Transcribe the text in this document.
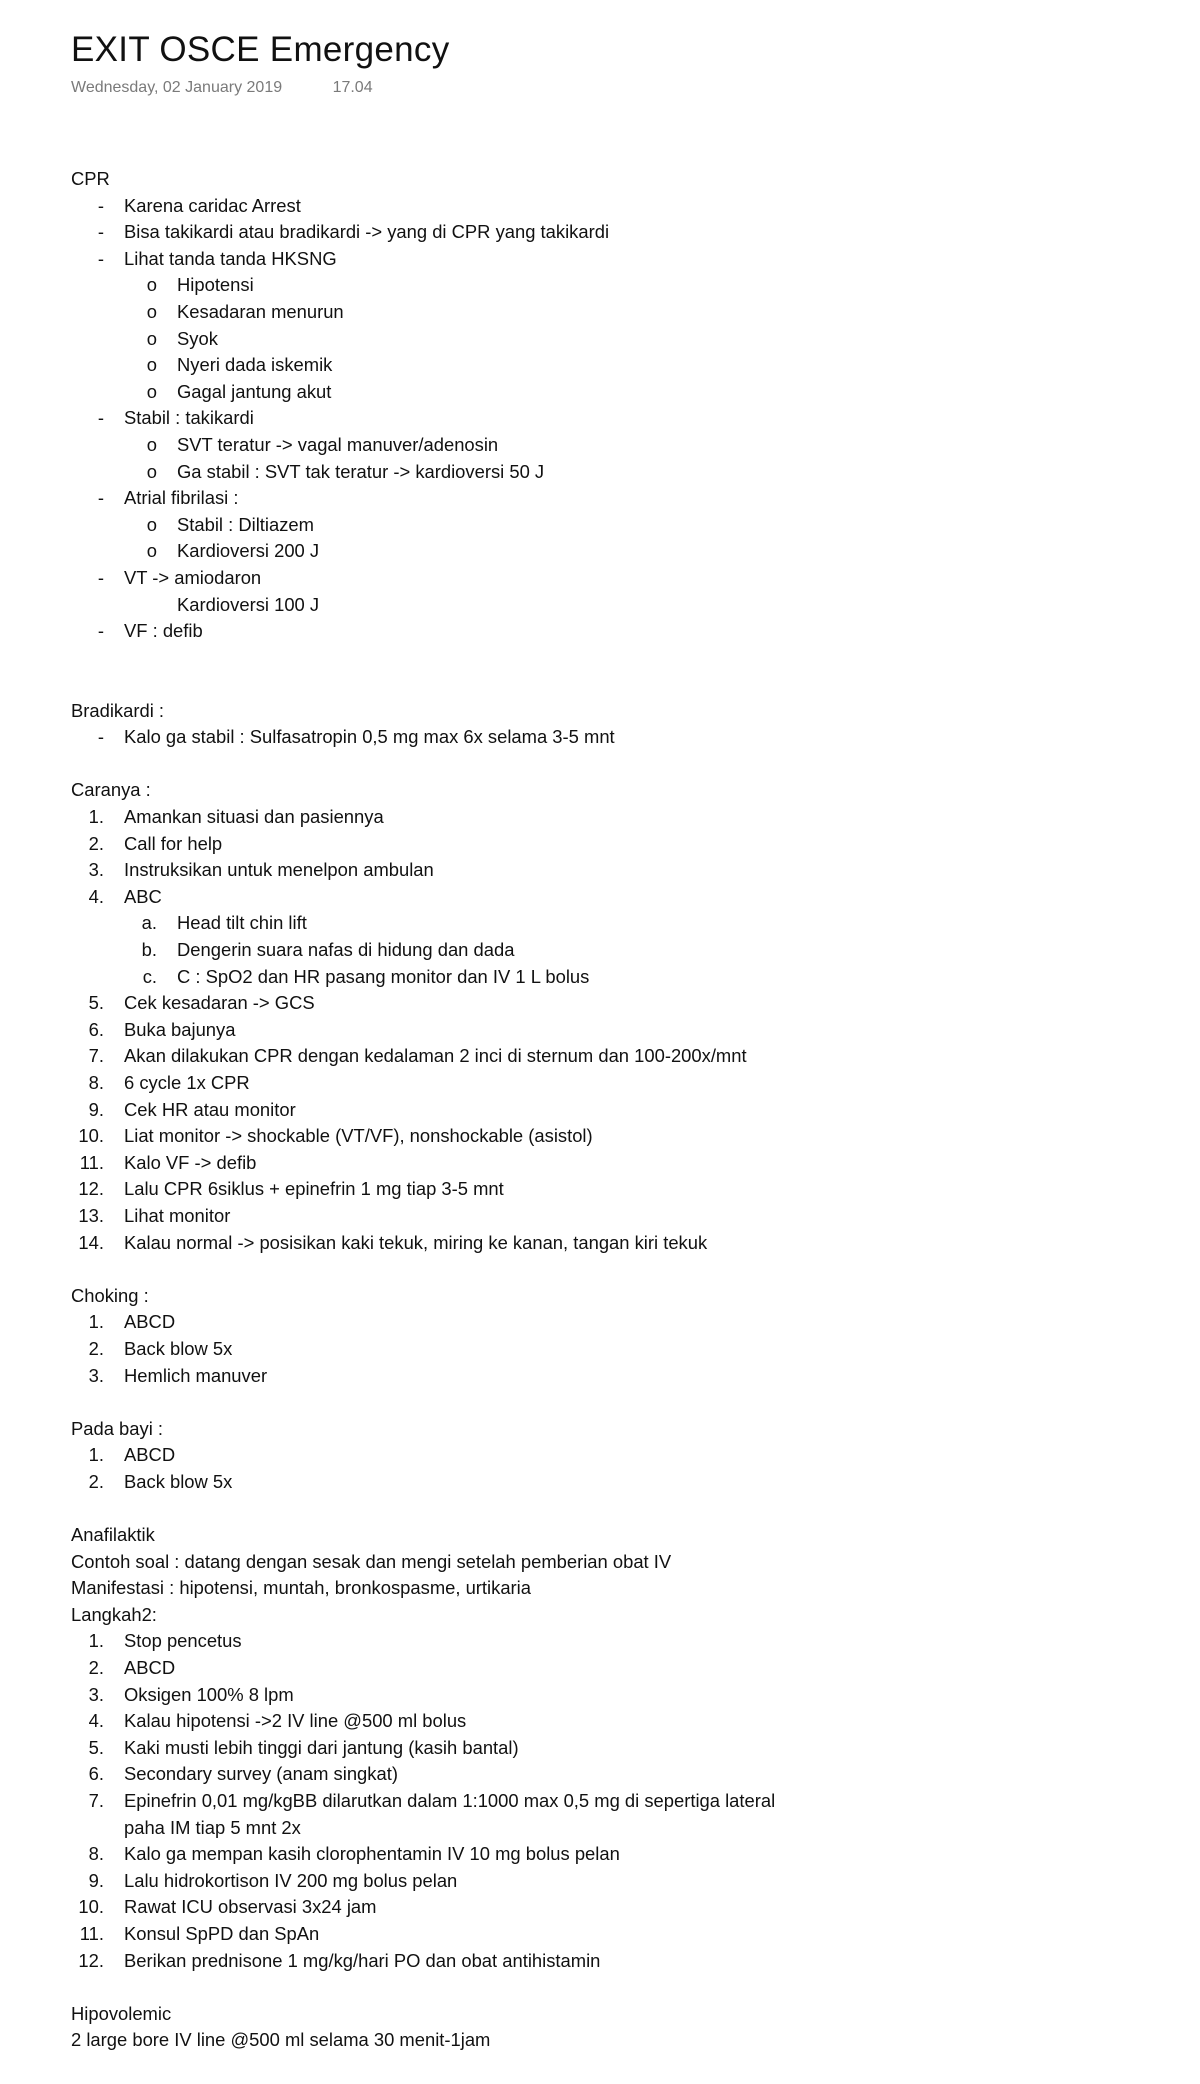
EXIT OSCE Emergency
Wednesday, 02 January 2019	17.04
CPR
-	Karena caridac Arrest
-	Bisa takikardi atau bradikardi -> yang di CPR yang takikardi
-	Lihat tanda tanda HKSNG
o	Hipotensi
o	Kesadaran menurun
o	Syok
o	Nyeri dada iskemik
o	Gagal jantung akut
-	Stabil : takikardi
o	SVT teratur -> vagal manuver/adenosin
o	Ga stabil : SVT tak teratur -> kardioversi 50 J
-	Atrial fibrilasi :
o	Stabil : Diltiazem
o	Kardioversi 200 J
-	VT -> amiodaron
Kardioversi 100 J
-	VF : defib
Bradikardi :
-	Kalo ga stabil : Sulfasatropin 0,5 mg max 6x selama 3-5 mnt
Caranya :
1.	Amankan situasi dan pasiennya
2.	Call for help
3.	Instruksikan untuk menelpon ambulan
4.	ABC
a.	Head tilt chin lift
b.	Dengerin suara nafas di hidung dan dada
c.	C : SpO2 dan HR pasang monitor dan IV 1 L bolus
5.	Cek kesadaran -> GCS
6.	Buka bajunya
7.	Akan dilakukan CPR dengan kedalaman 2 inci di sternum dan 100-200x/mnt
8.	6 cycle 1x CPR
9.	Cek HR atau monitor
10.	Liat monitor -> shockable (VT/VF), nonshockable (asistol)
11.	Kalo VF -> defib
12.	Lalu CPR 6siklus + epinefrin 1 mg tiap 3-5 mnt
13.	Lihat monitor
14.	Kalau normal -> posisikan kaki tekuk, miring ke kanan, tangan kiri tekuk
Choking :
1.	ABCD
2.	Back blow 5x
3.	Hemlich manuver
Pada bayi :
1.	ABCD
2.	Back blow 5x
Anafilaktik
Contoh soal : datang dengan sesak dan mengi setelah pemberian obat IV
Manifestasi : hipotensi, muntah, bronkospasme, urtikaria
Langkah2:
1.	Stop pencetus
2.	ABCD
3.	Oksigen 100% 8 lpm
4.	Kalau hipotensi ->2 IV line @500 ml bolus
5.	Kaki musti lebih tinggi dari jantung (kasih bantal)
6.	Secondary survey (anam singkat)
7.	Epinefrin 0,01 mg/kgBB dilarutkan dalam 1:1000 max 0,5 mg di sepertiga lateral
paha IM tiap 5 mnt 2x
8.	Kalo ga mempan kasih clorophentamin IV 10 mg bolus pelan
9.	Lalu hidrokortison IV 200 mg bolus pelan
10.	Rawat ICU observasi 3x24 jam
11.	Konsul SpPD dan SpAn
12.	Berikan prednisone 1 mg/kg/hari PO dan obat antihistamin
Hipovolemic
2 large bore IV line @500 ml selama 30 menit-1jam
